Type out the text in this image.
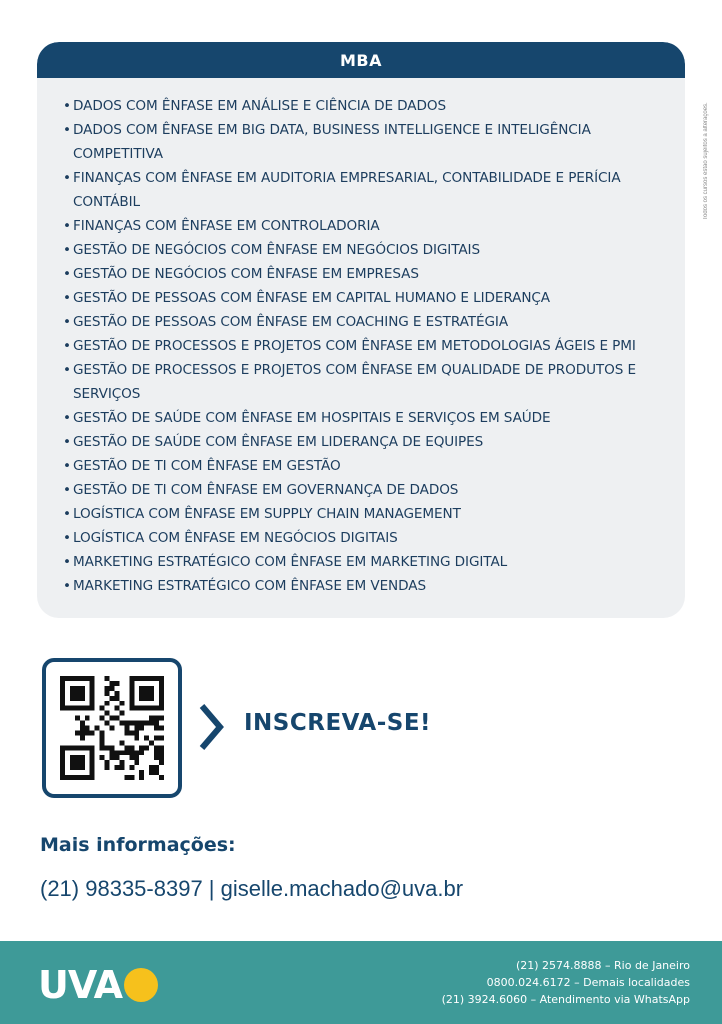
Todos os cursos estão sujeitos a alterações.
MBA
• DADOS COM ÊNFASE EM ANÁLISE E CIÊNCIA DE DADOS
• DADOS COM ÊNFASE EM BIG DATA, BUSINESS INTELLIGENCE E INTELIGÊNCIA COMPETITIVA
• FINANÇAS COM ÊNFASE EM AUDITORIA EMPRESARIAL, CONTABILIDADE E PERÍCIA CONTÁBIL
• FINANÇAS COM ÊNFASE EM CONTROLADORIA
• GESTÃO DE NEGÓCIOS COM ÊNFASE EM NEGÓCIOS DIGITAIS
• GESTÃO DE NEGÓCIOS COM ÊNFASE EM EMPRESAS
• GESTÃO DE PESSOAS COM ÊNFASE EM CAPITAL HUMANO E LIDERANÇA
• GESTÃO DE PESSOAS COM ÊNFASE EM COACHING E ESTRATÉGIA
• GESTÃO DE PROCESSOS E PROJETOS COM ÊNFASE EM METODOLOGIAS ÁGEIS E PMI
• GESTÃO DE PROCESSOS E PROJETOS COM ÊNFASE EM QUALIDADE DE PRODUTOS E SERVIÇOS
• GESTÃO DE SAÚDE COM ÊNFASE EM HOSPITAIS E SERVIÇOS EM SAÚDE
• GESTÃO DE SAÚDE COM ÊNFASE EM LIDERANÇA DE EQUIPES
• GESTÃO DE TI COM ÊNFASE EM GESTÃO
• GESTÃO DE TI COM ÊNFASE EM GOVERNANÇA DE DADOS
• LOGÍSTICA COM ÊNFASE EM SUPPLY CHAIN MANAGEMENT
• LOGÍSTICA COM ÊNFASE EM NEGÓCIOS DIGITAIS
• MARKETING ESTRATÉGICO COM ÊNFASE EM MARKETING DIGITAL
• MARKETING ESTRATÉGICO COM ÊNFASE EM VENDAS
INSCREVA-SE!
Mais informações:
(21) 98335-8397 | giselle.machado@uva.br
UVA	(21) 2574.8888 – Rio de Janeiro
0800.024.6172 – Demais localidades
(21) 3924.6060 – Atendimento via WhatsApp
